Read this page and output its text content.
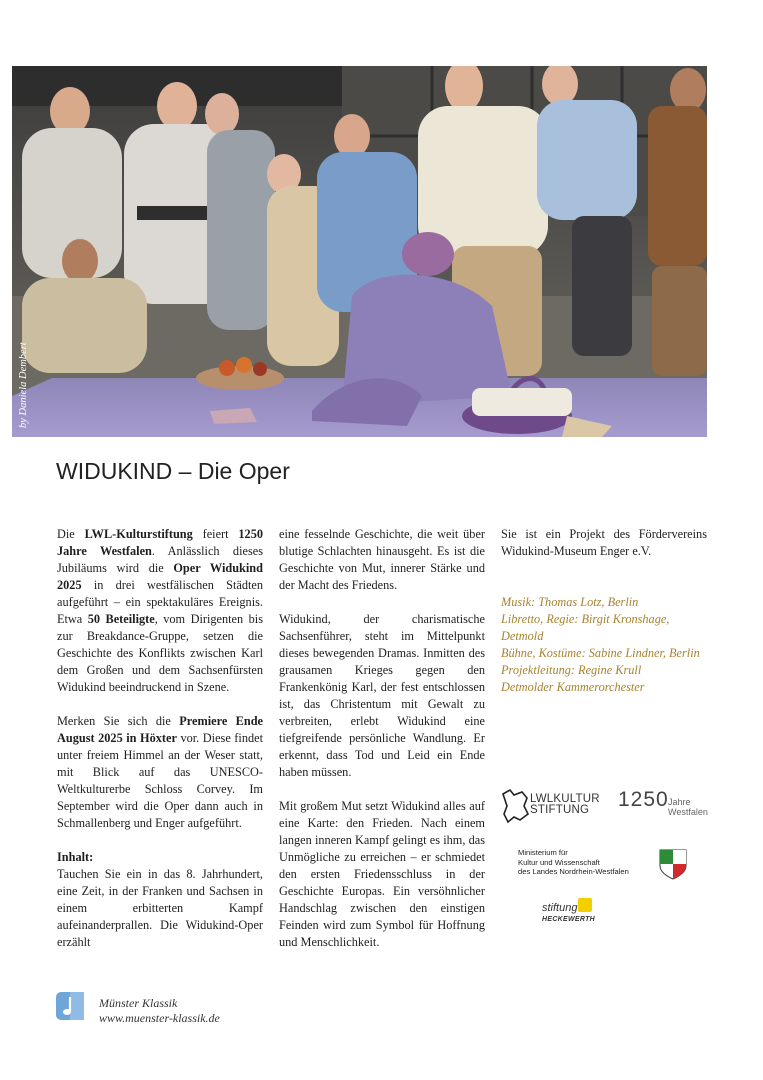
by Daniela Dembert
WIDUKIND – Die Oper

Die LWL-Kulturstiftung feiert 1250 Jahre Westfalen. Anlässlich dieses Jubiläums wird die Oper Widukind 2025 in drei westfälischen Städten aufgeführt – ein spektakuläres Ereignis. Etwa 50 Beteiligte, vom Dirigenten bis zur Breakdance-Gruppe, setzen die Geschichte des Konflikts zwischen Karl dem Großen und dem Sachsenfürsten Widukind beeindruckend in Szene.

Merken Sie sich die Premiere Ende August 2025 in Höxter vor. Diese findet unter freiem Himmel an der Weser statt, mit Blick auf das UNESCO-Weltkulturerbe Schloss Corvey. Im September wird die Oper dann auch in Schmallenberg und Enger aufgeführt.

Inhalt:
Tauchen Sie ein in das 8. Jahrhundert, eine Zeit, in der Franken und Sachsen in einem erbitterten Kampf aufeinanderprallen. Die Widukind-Oper erzählt

eine fesselnde Geschichte, die weit über blutige Schlachten hinausgeht. Es ist die Geschichte von Mut, innerer Stärke und der Macht des Friedens.

Widukind, der charismatische Sachsenführer, steht im Mittelpunkt dieses bewegenden Dramas. Inmitten des grausamen Krieges gegen den Frankenkönig Karl, der fest entschlossen ist, das Christentum mit Gewalt zu verbreiten, erlebt Widukind eine tiefgreifende persönliche Wandlung. Er erkennt, dass Tod und Leid ein Ende haben müssen.

Mit großem Mut setzt Widukind alles auf eine Karte: den Frieden. Nach einem langen inneren Kampf gelingt es ihm, das Unmögliche zu erreichen – er schmiedet den ersten Friedensschluss in der Geschichte Europas. Ein versöhnlicher Handschlag zwischen den einstigen Feinden wird zum Symbol für Hoffnung und Menschlichkeit.

Sie ist ein Projekt des Fördervereins Widukind-Museum Enger e.V.

Musik: Thomas Lotz, Berlin
Libretto, Regie: Birgit Kronshage, Detmold
Bühne, Kostüme: Sabine Lindner, Berlin
Projektleitung: Regine Krull
Detmolder Kammerorchester
LWLKULTUR
STIFTUNG	1250 Jahre
Westfalen
Ministerium für
Kultur und Wissenschaft
des Landes Nordrhein-Westfalen
stiftung
HECKEWERTH
Münster Klassik
www.muenster-klassik.de
